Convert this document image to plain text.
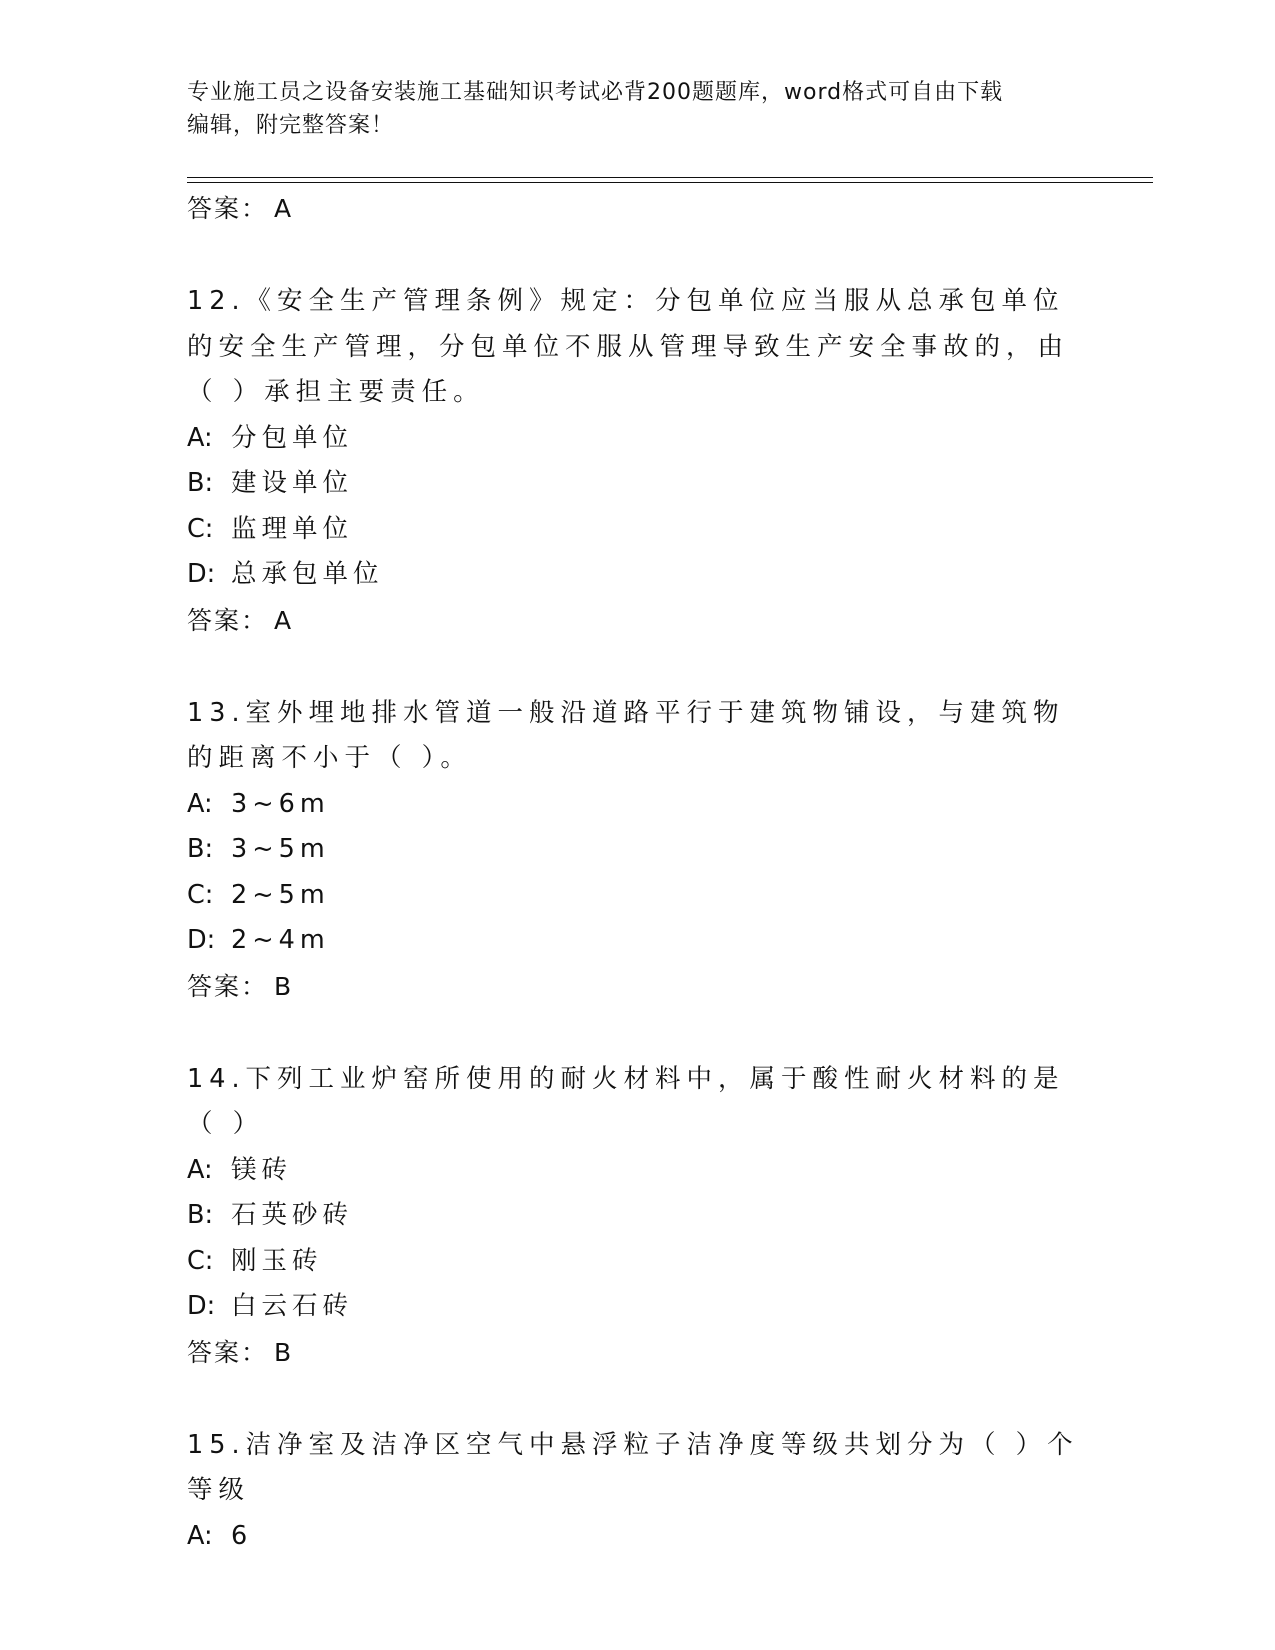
专业施工员之设备安装施工基础知识考试必背200题题库，word格式可自由下载
编辑，附完整答案！
答案： A
12.《安全生产管理条例》规定：分包单位应当服从总承包单位的安全生产管理，分包单位不服从管理导致生产安全事故的，由（ ）承担主要责任。
A: 分包单位
B: 建设单位
C: 监理单位
D: 总承包单位
答案： A
13.室外埋地排水管道一般沿道路平行于建筑物铺设，与建筑物的距离不小于（ ）。
A: 3~6m
B: 3~5m
C: 2~5m
D: 2~4m
答案： B
14.下列工业炉窑所使用的耐火材料中，属于酸性耐火材料的是（ ）
A: 镁砖
B: 石英砂砖
C: 刚玉砖
D: 白云石砖
答案： B
15.洁净室及洁净区空气中悬浮粒子洁净度等级共划分为（ ）个等级
A: 6
